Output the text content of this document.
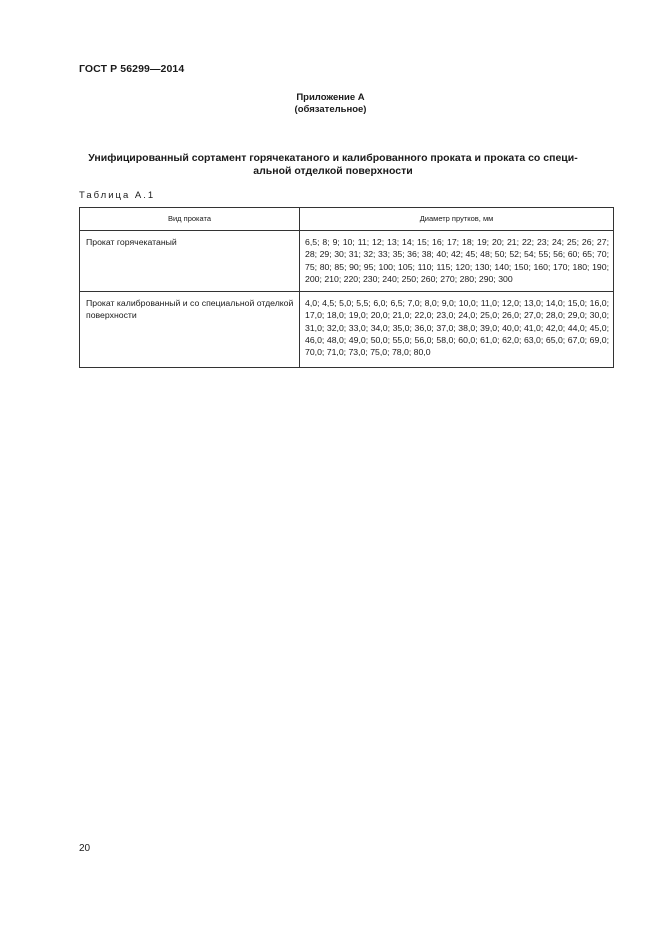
ГОСТ Р 56299—2014
Приложение А
(обязательное)
Унифицированный сортамент горячекатаного и калиброванного проката и проката со специ-
альной отделкой поверхности
Таблица А.1
Вид проката	Диаметр прутков, мм
Прокат горячекатаный	6,5; 8; 9; 10; 11; 12; 13; 14; 15; 16; 17; 18; 19; 20; 21; 22; 23; 24; 25; 26; 27; 28; 29; 30; 31; 32; 33; 35; 36; 38; 40; 42; 45; 48; 50; 52; 54; 55; 56; 60; 65; 70; 75; 80; 85; 90; 95; 100; 105; 110; 115; 120; 130; 140; 150; 160; 170; 180; 190; 200; 210; 220; 230; 240; 250; 260; 270; 280; 290; 300
Прокат калиброванный и со специальной отделкой поверхности	4,0; 4,5; 5,0; 5,5; 6,0; 6,5; 7,0; 8,0; 9,0; 10,0; 11,0; 12,0; 13,0; 14,0; 15,0; 16,0; 17,0; 18,0; 19,0; 20,0; 21,0; 22,0; 23,0; 24,0; 25,0; 26,0; 27,0; 28,0; 29,0; 30,0; 31,0; 32,0; 33,0; 34,0; 35,0; 36,0; 37,0; 38,0; 39,0; 40,0; 41,0; 42,0; 44,0; 45,0; 46,0; 48,0; 49,0; 50,0; 55,0; 56,0; 58,0; 60,0; 61,0; 62,0; 63,0; 65,0; 67,0; 69,0; 70,0; 71,0; 73,0; 75,0; 78,0; 80,0
20
